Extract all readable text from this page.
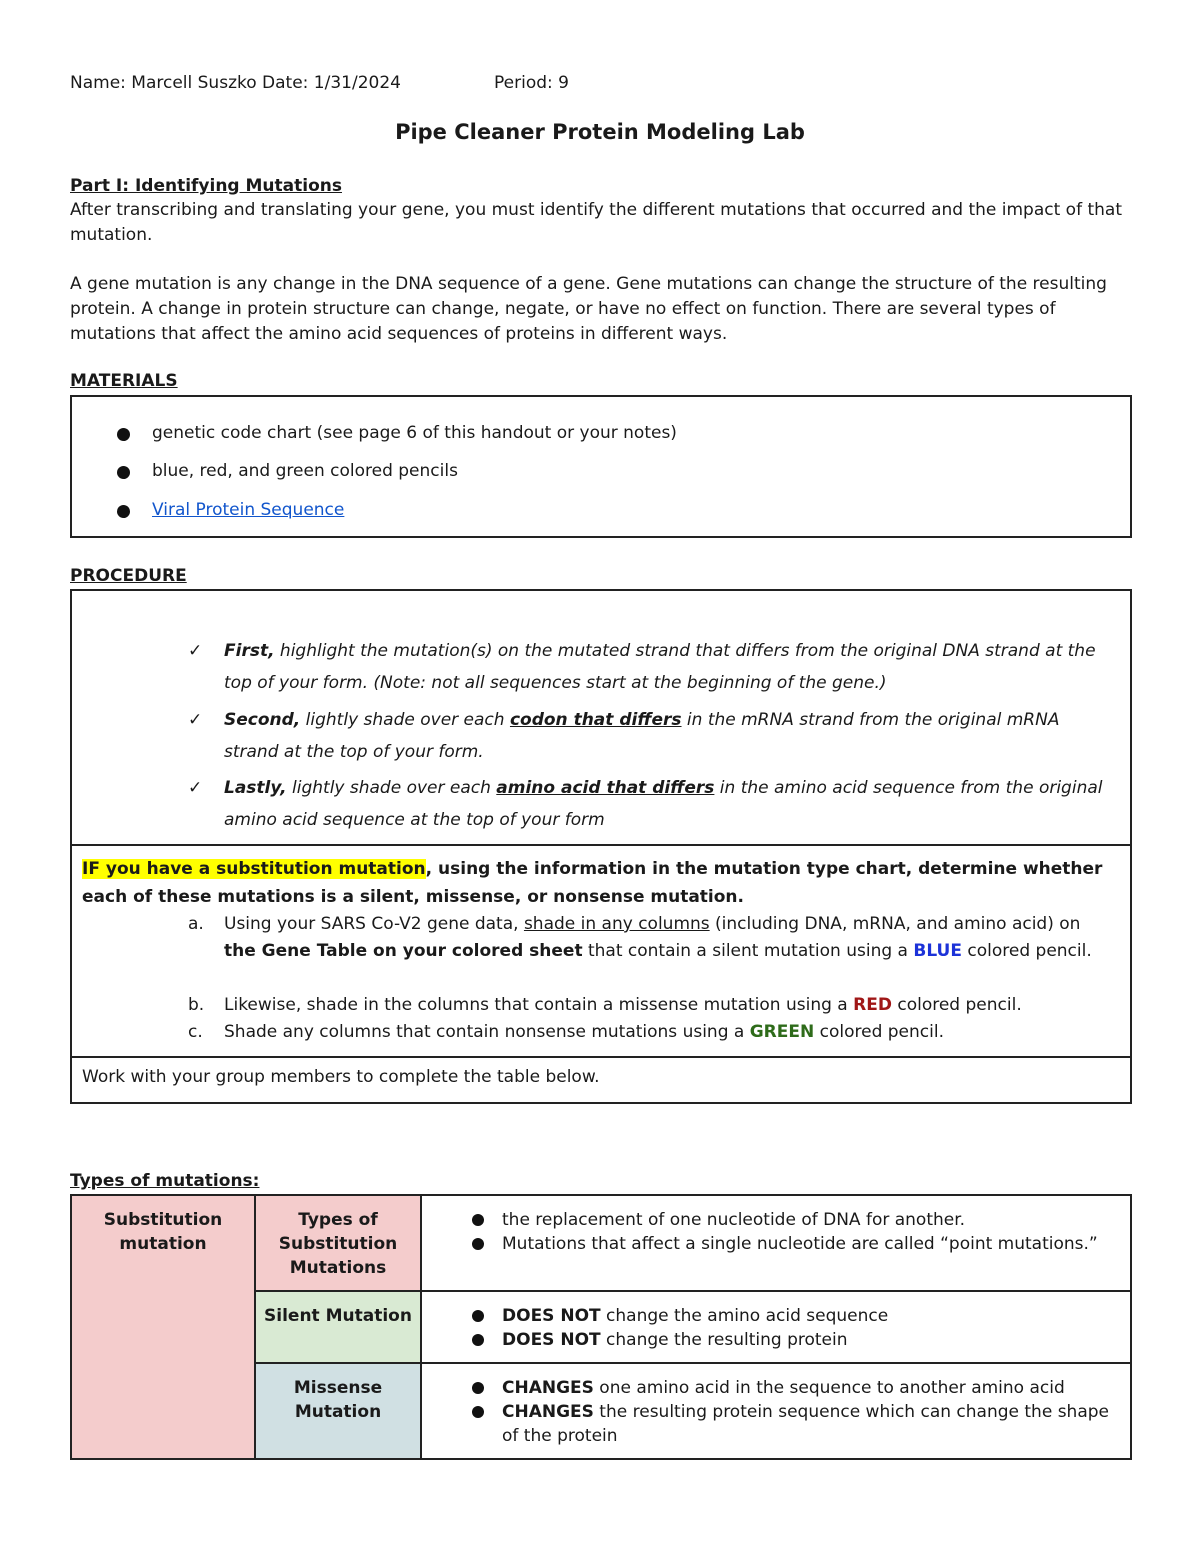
Name: Marcell Suszko Date: 1/31/2024	Period: 9
Pipe Cleaner Protein Modeling Lab
Part I: Identifying Mutations
After transcribing and translating your gene, you must identify the different mutations that occurred and the impact of that mutation.
A gene mutation is any change in the DNA sequence of a gene. Gene mutations can change the structure of the resulting protein. A change in protein structure can change, negate, or have no effect on function. There are several types of mutations that affect the amino acid sequences of proteins in different ways.
MATERIALS
genetic code chart (see page 6 of this handout or your notes)
blue, red, and green colored pencils
Viral Protein Sequence
PROCEDURE
✓ First, highlight the mutation(s) on the mutated strand that differs from the original DNA strand at the top of your form. (Note: not all sequences start at the beginning of the gene.)
✓ Second, lightly shade over each codon that differs in the mRNA strand from the original mRNA strand at the top of your form.
✓ Lastly, lightly shade over each amino acid that differs in the amino acid sequence from the original amino acid sequence at the top of your form
IF you have a substitution mutation, using the information in the mutation type chart, determine whether each of these mutations is a silent, missense, or nonsense mutation.
a. Using your SARS Co-V2 gene data, shade in any columns (including DNA, mRNA, and amino acid) on the Gene Table on your colored sheet that contain a silent mutation using a BLUE colored pencil.
b. Likewise, shade in the columns that contain a missense mutation using a RED colored pencil.
c. Shade any columns that contain nonsense mutations using a GREEN colored pencil.
Work with your group members to complete the table below.
Types of mutations:
Substitution mutation	Types of Substitution Mutations	the replacement of one nucleotide of DNA for another.
Mutations that affect a single nucleotide are called “point mutations.”

	Silent Mutation	DOES NOT change the amino acid sequence
DOES NOT change the resulting protein

	Missense Mutation	CHANGES one amino acid in the sequence to another amino acid
CHANGES the resulting protein sequence which can change the shape of the protein
